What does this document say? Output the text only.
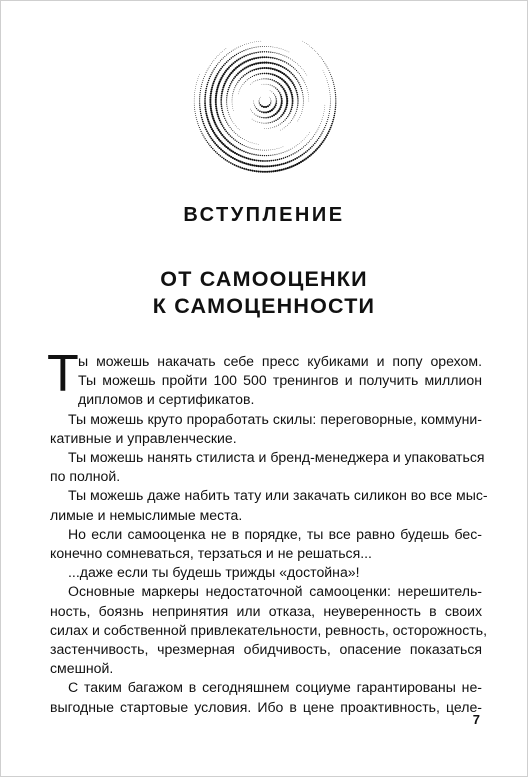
ВСТУПЛЕНИЕ
ОТ САМООЦЕНКИ
К САМОЦЕННОСТИ
Т ы можешь накачать себе пресс кубиками и попу орехом.
Ты можешь пройти 100 500 тренингов и получить миллион
дипломов и сертификатов.
Ты можешь круто проработать скилы: переговорные, коммуни-
кативные и управленческие.
Ты можешь нанять стилиста и бренд-менеджера и упаковаться
по полной.
Ты можешь даже набить тату или закачать силикон во все мыс-
лимые и немыслимые места.
Но если самооценка не в порядке, ты все равно будешь бес-
конечно сомневаться, терзаться и не решаться...
...даже если ты будешь трижды «достойна»!
Основные маркеры недостаточной самооценки: нерешитель-
ность, боязнь непринятия или отказа, неуверенность в своих
силах и собственной привлекательности, ревность, осторожность,
застенчивость, чрезмерная обидчивость, опасение показаться
смешной.
С таким багажом в сегодняшнем социуме гарантированы не-
выгодные стартовые условия. Ибо в цене проактивность, целе-
7
